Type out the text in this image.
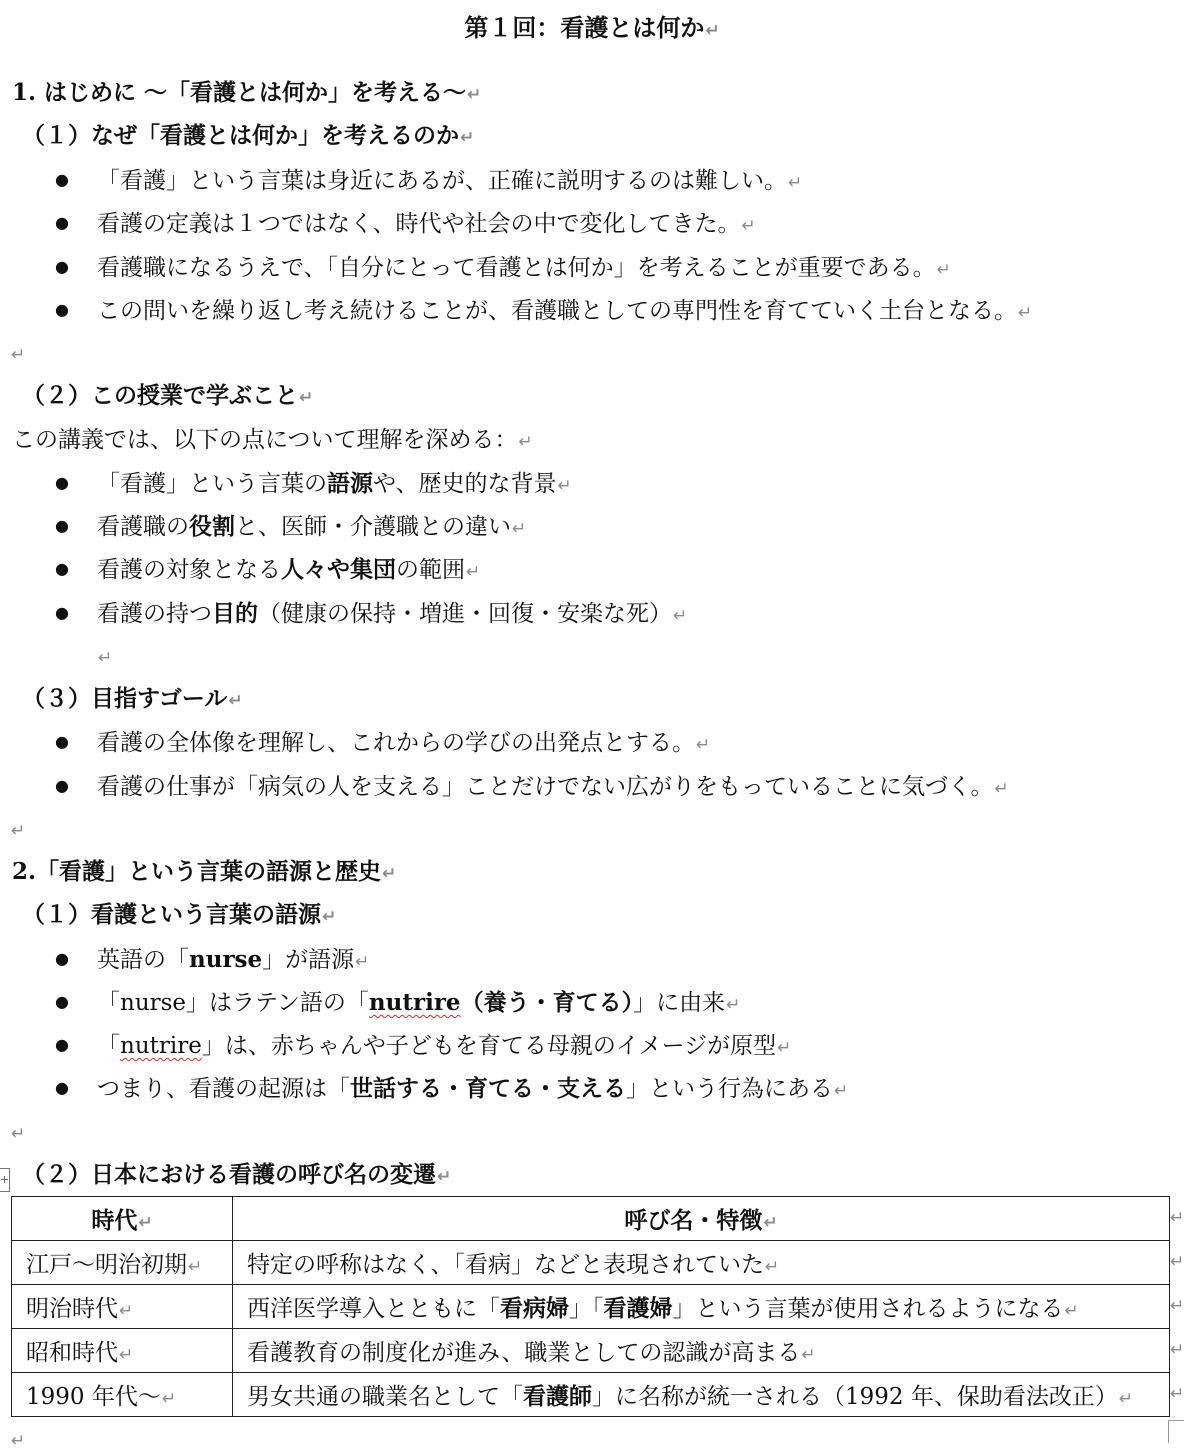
第１回：看護とは何か↵
1. はじめに 〜「看護とは何か」を考える〜↵
（１）なぜ「看護とは何か」を考えるのか↵
● 「看護」という言葉は身近にあるが、正確に説明するのは難しい。↵
● 看護の定義は１つではなく、時代や社会の中で変化してきた。↵
● 看護職になるうえで、「自分にとって看護とは何か」を考えることが重要である。↵
● この問いを繰り返し考え続けることが、看護職としての専門性を育てていく土台となる。↵
↵
（２）この授業で学ぶこと↵
この講義では、以下の点について理解を深める：↵
● 「看護」という言葉の語源や、歴史的な背景↵
● 看護職の役割と、医師・介護職との違い↵
● 看護の対象となる人々や集団の範囲↵
● 看護の持つ目的（健康の保持・増進・回復・安楽な死）↵
↵
（３）目指すゴール↵
● 看護の全体像を理解し、これからの学びの出発点とする。↵
● 看護の仕事が「病気の人を支える」ことだけでない広がりをもっていることに気づく。↵
↵
2.「看護」という言葉の語源と歴史↵
（１）看護という言葉の語源↵
● 英語の「nurse」が語源↵
● 「nurse」はラテン語の「nutrire（養う・育てる）」に由来↵
● 「nutrire」は、赤ちゃんや子どもを育てる母親のイメージが原型↵
● つまり、看護の起源は「世話する・育てる・支える」という行為にある↵
↵
+ （２）日本における看護の呼び名の変遷↵
時代↵	呼び名・特徴↵
江戸〜明治初期↵	特定の呼称はなく、「看病」などと表現されていた↵
明治時代↵	西洋医学導入とともに「看病婦」「看護婦」という言葉が使用されるようになる↵
昭和時代↵	看護教育の制度化が進み、職業としての認識が高まる↵
1990 年代〜↵	男女共通の職業名として「看護師」に名称が統一される（1992 年、保助看法改正）↵
↵
↵
↵
↵
↵
↵
